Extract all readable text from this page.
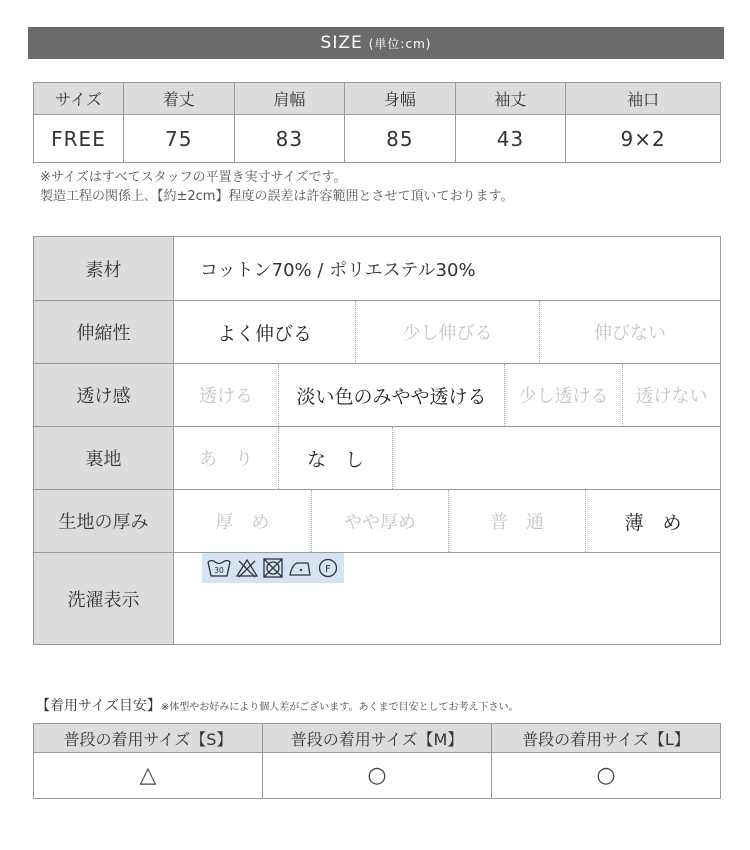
SIZE (単位:cm)
サイズ	着丈	肩幅	身幅	袖丈	袖口
FREE	75	83	85	43	9×2
※サイズはすべてスタッフの平置き実寸サイズです。
製造工程の関係上､【約±2cm】程度の誤差は許容範囲とさせて頂いております。
素材	コットン70% / ポリエステル30%
伸縮性	よく伸びる	少し伸びる	伸びない
透け感	透ける	淡い色のみやや透ける	少し透ける	透けない
裏地	あ　り	な　し
生地の厚み	厚　め	やや厚め	普　通	薄　め
洗濯表示
30	F
【着用サイズ目安】※体型やお好みにより個人差がございます。あくまで目安としてお考え下さい。
普段の着用サイズ【S】	普段の着用サイズ【M】	普段の着用サイズ【L】
△	○	○
